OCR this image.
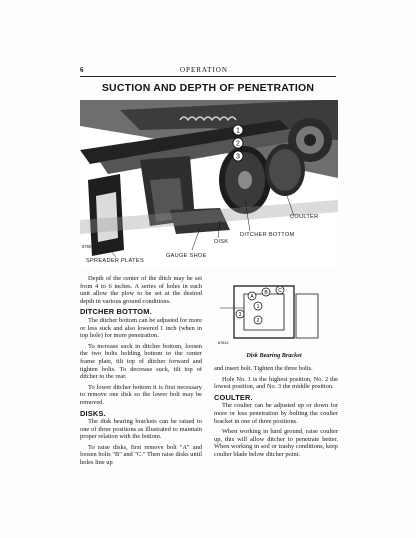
6	OPERATION
SUCTION AND DEPTH OF PENETRATION
1
2
3
COULTER
DITCHER BOTTOM
DISK
SPREADER PLATES
GAUGE SHOE
67609

Depth of the center of the ditch may be set from 4 to 6 inches. A series of holes in each unit allow the plow to be set at the desired depth in various ground conditions.

DITCHER BOTTOM.

The ditcher bottom can be adjusted for more or less suck and also lowered 1 inch (when in top hole) for more penetration.

To increase suck in ditcher bottom, loosen the two bolts holding bottom to the center frame plate, tilt top of ditcher forward and tighten bolts. To decrease suck, tilt top of ditcher to the rear.

To lower ditcher bottom it is first necessary to remove one disk so the lower bolt may be removed.

DISKS.

The disk bearing brackets can be raised to one of three positions as illustrated to maintain proper relation with the bottom.

To raise disks, first remove bolt "A" and loosen bolts "B" and "C." Then raise disks until holes line up

A
B C
1
2
3
67612
Disk Bearing Bracket

and insert bolt. Tighten the three bolts.

Hole No. 1 is the highest position, No. 2 the lowest position, and No. 3 the middle position.

COULTER.

The coulter can be adjusted up or down for more or less penetration by bolting the coulter bracket in one of three positions.

When working in hard ground, raise coulter up, this will allow ditcher to penetrate better. When working in sod or trashy conditions, keep coulter blade below ditcher point.
